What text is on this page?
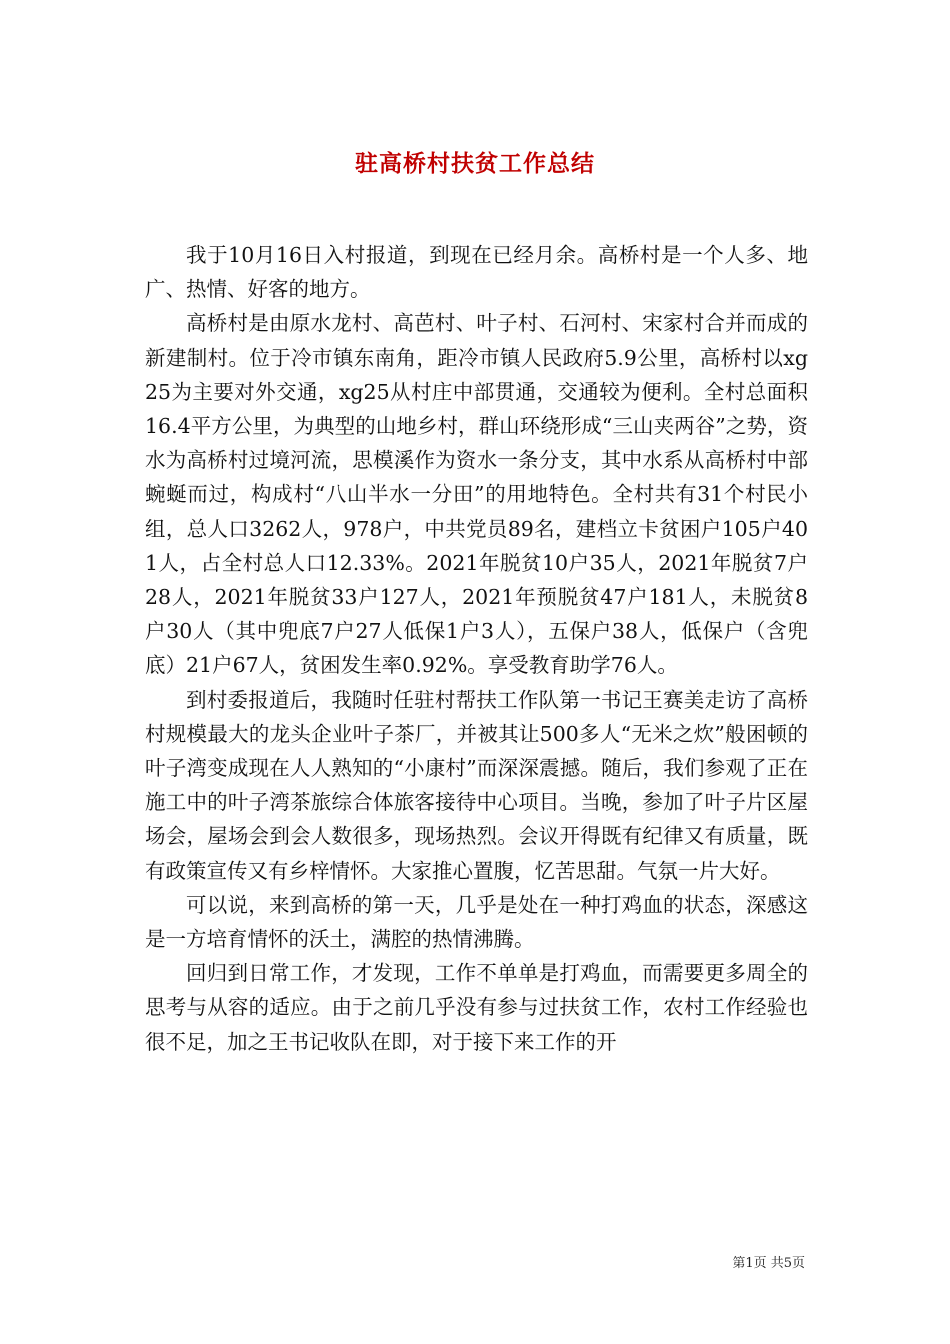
驻高桥村扶贫工作总结

我于10月16日入村报道，到现在已经月余。高桥村是一个人多、地广、热情、好客的地方。

高桥村是由原水龙村、高芭村、叶子村、石河村、宋家村合并而成的新建制村。位于冷市镇东南角，距冷市镇人民政府5.9公里，高桥村以xg25为主要对外交通，xg25从村庄中部贯通，交通较为便利。全村总面积16.4平方公里，为典型的山地乡村，群山环绕形成“三山夹两谷”之势，资水为高桥村过境河流，思模溪作为资水一条分支，其中水系从高桥村中部蜿蜒而过，构成村“八山半水一分田”的用地特色。全村共有31个村民小组，总人口3262人，978户，中共党员89名，建档立卡贫困户105户401人，占全村总人口12.33%。2021年脱贫10户35人，2021年脱贫7户28人，2021年脱贫33户127人，2021年预脱贫47户181人，未脱贫8户30人（其中兜底7户27人低保1户3人），五保户38人，低保户（含兜底）21户67人，贫困发生率0.92%。享受教育助学76人。

到村委报道后，我随时任驻村帮扶工作队第一书记王赛美走访了高桥村规模最大的龙头企业叶子茶厂，并被其让500多人“无米之炊”般困顿的叶子湾变成现在人人熟知的“小康村”而深深震撼。随后，我们参观了正在施工中的叶子湾茶旅综合体旅客接待中心项目。当晚，参加了叶子片区屋场会，屋场会到会人数很多，现场热烈。会议开得既有纪律又有质量，既有政策宣传又有乡梓情怀。大家推心置腹，忆苦思甜。气氛一片大好。

可以说，来到高桥的第一天，几乎是处在一种打鸡血的状态，深感这是一方培育情怀的沃土，满腔的热情沸腾。

回归到日常工作，才发现，工作不单单是打鸡血，而需要更多周全的思考与从容的适应。由于之前几乎没有参与过扶贫工作，农村工作经验也很不足，加之王书记收队在即，对于接下来工作的开

第1页 共5页
